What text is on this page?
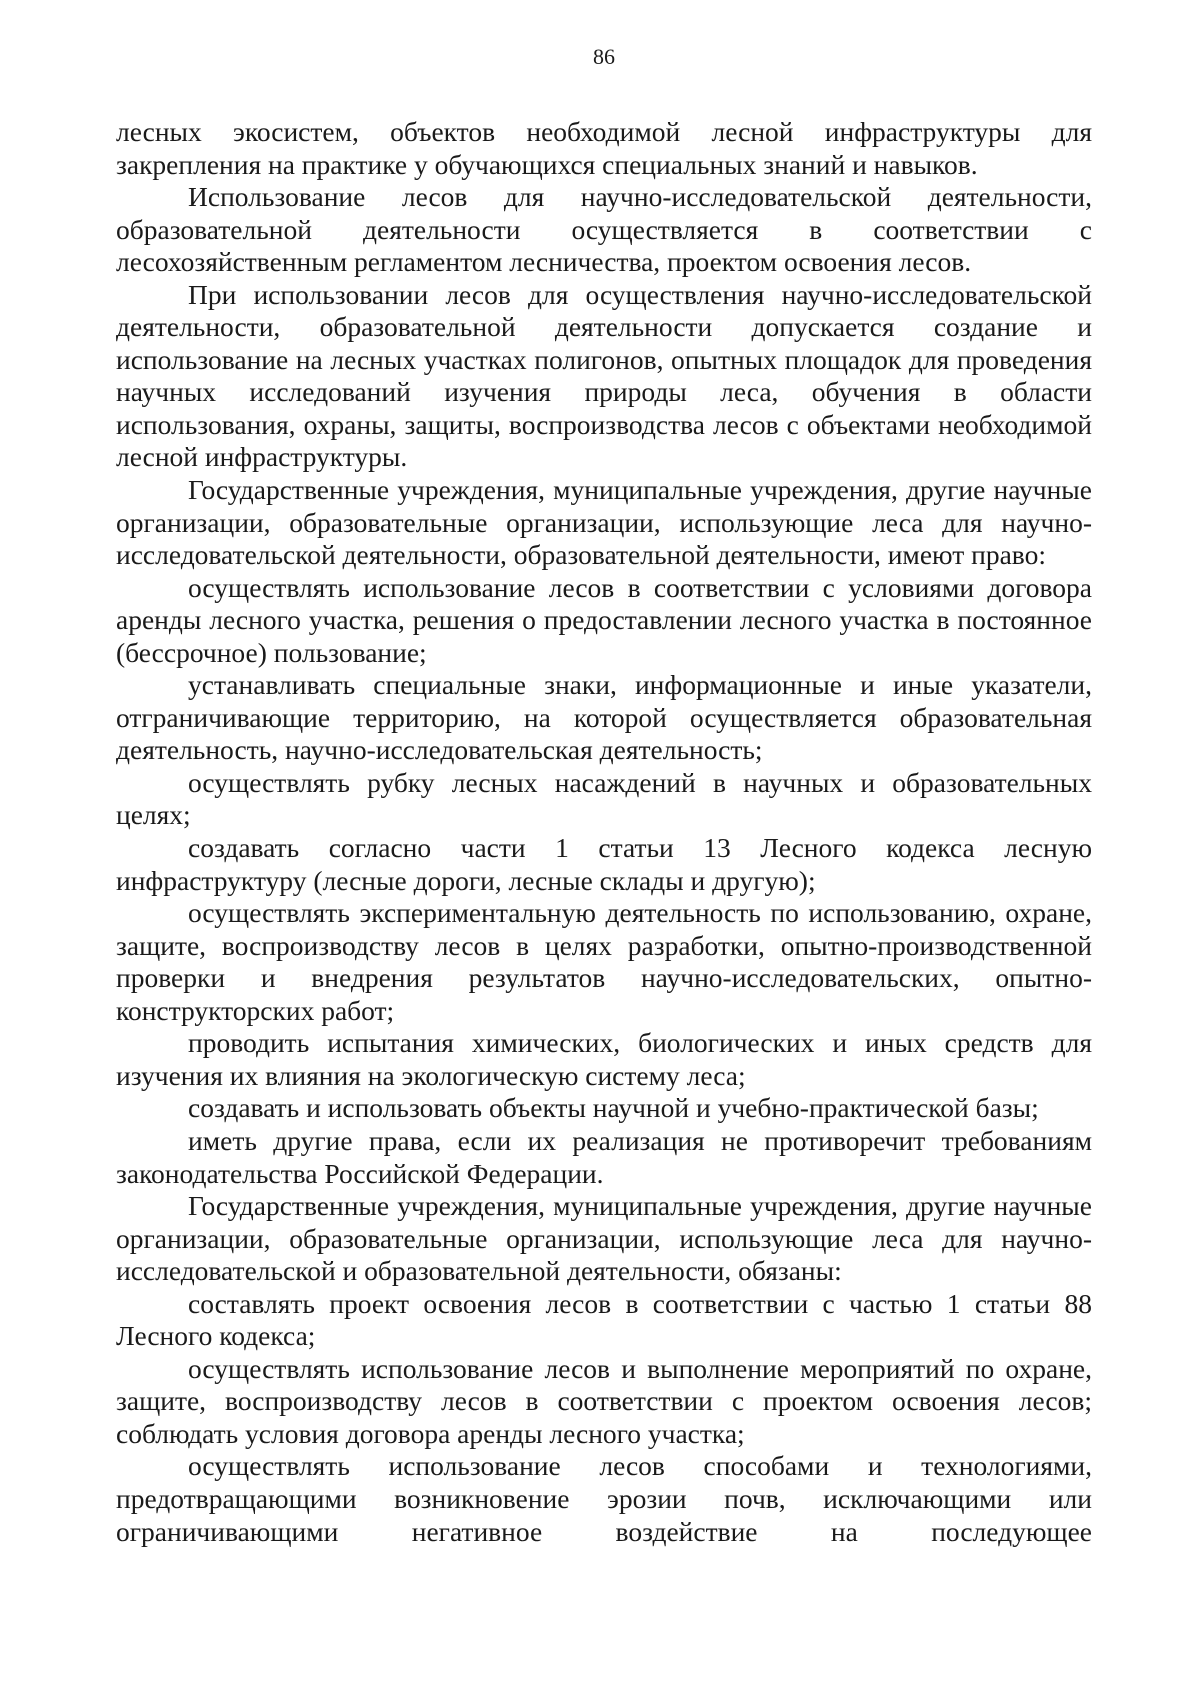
86

лесных экосистем, объектов необходимой лесной инфраструктуры для закрепления на практике у обучающихся специальных знаний и навыков.

Использование лесов для научно-исследовательской деятельности, образовательной деятельности осуществляется в соответствии с лесохозяйственным регламентом лесничества, проектом освоения лесов.

При использовании лесов для осуществления научно-исследовательской деятельности, образовательной деятельности допускается создание и использование на лесных участках полигонов, опытных площадок для проведения научных исследований изучения природы леса, обучения в области использования, охраны, защиты, воспроизводства лесов с объектами необходимой лесной инфраструктуры.

Государственные учреждения, муниципальные учреждения, другие научные организации, образовательные организации, использующие леса для научно-исследовательской деятельности, образовательной деятельности, имеют право:

осуществлять использование лесов в соответствии с условиями договора аренды лесного участка, решения о предоставлении лесного участка в постоянное (бессрочное) пользование;

устанавливать специальные знаки, информационные и иные указатели, отграничивающие территорию, на которой осуществляется образовательная деятельность, научно-исследовательская деятельность;

осуществлять рубку лесных насаждений в научных и образовательных целях;

создавать согласно части 1 статьи 13 Лесного кодекса лесную инфраструктуру (лесные дороги, лесные склады и другую);

осуществлять экспериментальную деятельность по использованию, охране, защите, воспроизводству лесов в целях разработки, опытно-производственной проверки и внедрения результатов научно-исследовательских, опытно-конструкторских работ;

проводить испытания химических, биологических и иных средств для изучения их влияния на экологическую систему леса;

создавать и использовать объекты научной и учебно-практической базы;

иметь другие права, если их реализация не противоречит требованиям законодательства Российской Федерации.

Государственные учреждения, муниципальные учреждения, другие научные организации, образовательные организации, использующие леса для научно-исследовательской и образовательной деятельности, обязаны:

составлять проект освоения лесов в соответствии с частью 1 статьи 88 Лесного кодекса;

осуществлять использование лесов и выполнение мероприятий по охране, защите, воспроизводству лесов в соответствии с проектом освоения лесов; соблюдать условия договора аренды лесного участка;

осуществлять использование лесов способами и технологиями, предотвращающими возникновение эрозии почв, исключающими или ограничивающими негативное воздействие на последующее
